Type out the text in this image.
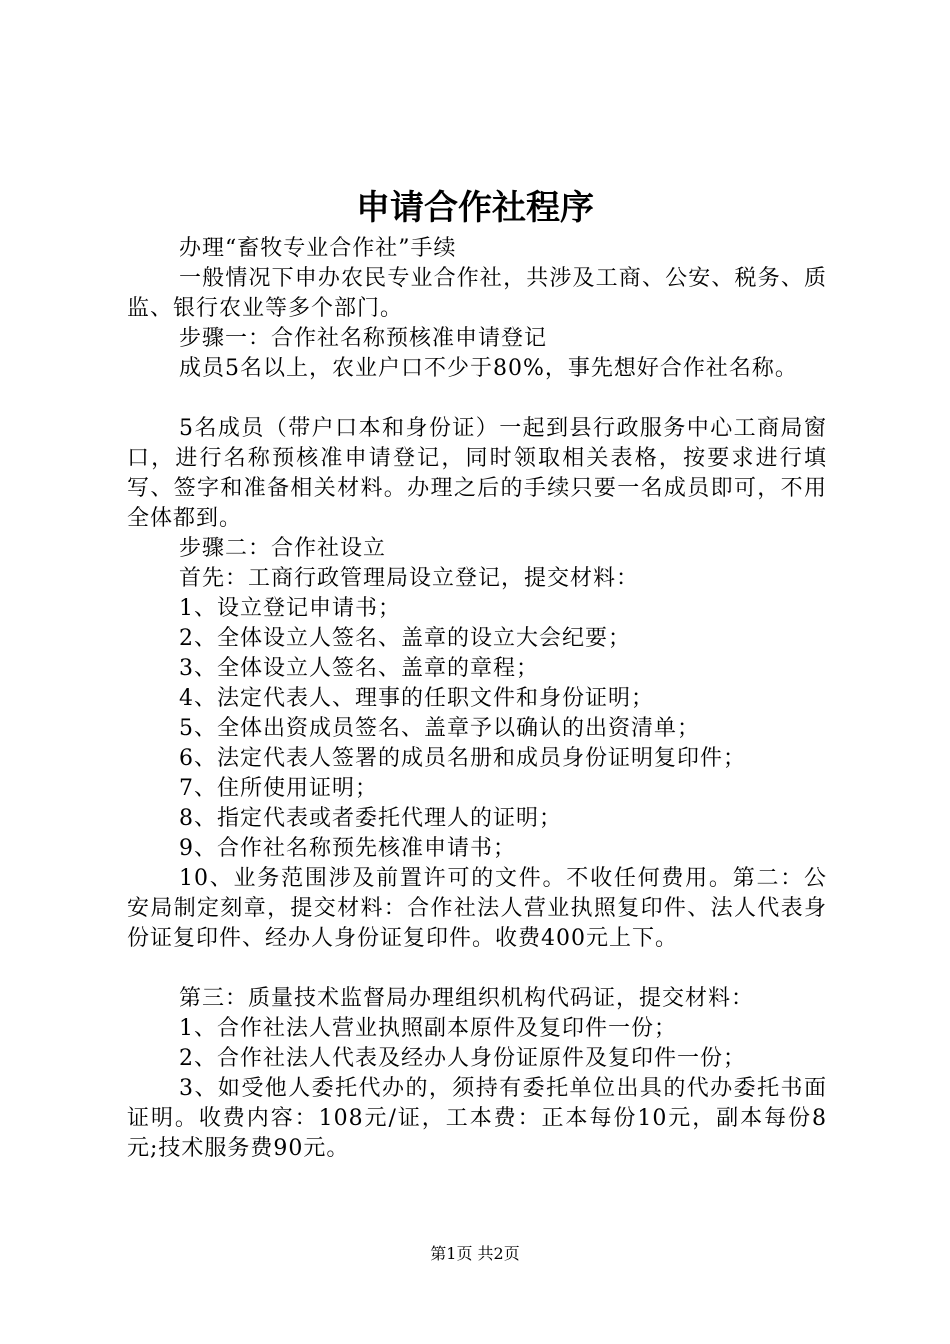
申请合作社程序

办理“畜牧专业合作社”手续

一般情况下申办农民专业合作社，共涉及工商、公安、税务、质监、银行农业等多个部门。

步骤一：合作社名称预核准申请登记

成员5名以上，农业户口不少于80%，事先想好合作社名称。

5名成员（带户口本和身份证）一起到县行政服务中心工商局窗口，进行名称预核准申请登记，同时领取相关表格，按要求进行填写、签字和准备相关材料。办理之后的手续只要一名成员即可，不用全体都到。

步骤二：合作社设立

首先：工商行政管理局设立登记，提交材料：

1、设立登记申请书；

2、全体设立人签名、盖章的设立大会纪要；

3、全体设立人签名、盖章的章程；

4、法定代表人、理事的任职文件和身份证明；

5、全体出资成员签名、盖章予以确认的出资清单；

6、法定代表人签署的成员名册和成员身份证明复印件；

7、住所使用证明；

8、指定代表或者委托代理人的证明；

9、合作社名称预先核准申请书；

10、业务范围涉及前置许可的文件。不收任何费用。第二：公安局制定刻章，提交材料：合作社法人营业执照复印件、法人代表身份证复印件、经办人身份证复印件。收费400元上下。

第三：质量技术监督局办理组织机构代码证，提交材料：

1、合作社法人营业执照副本原件及复印件一份；

2、合作社法人代表及经办人身份证原件及复印件一份；

3、如受他人委托代办的，须持有委托单位出具的代办委托书面证明。收费内容：108元/证，工本费：正本每份10元，副本每份8元;技术服务费90元。

第1页 共2页
